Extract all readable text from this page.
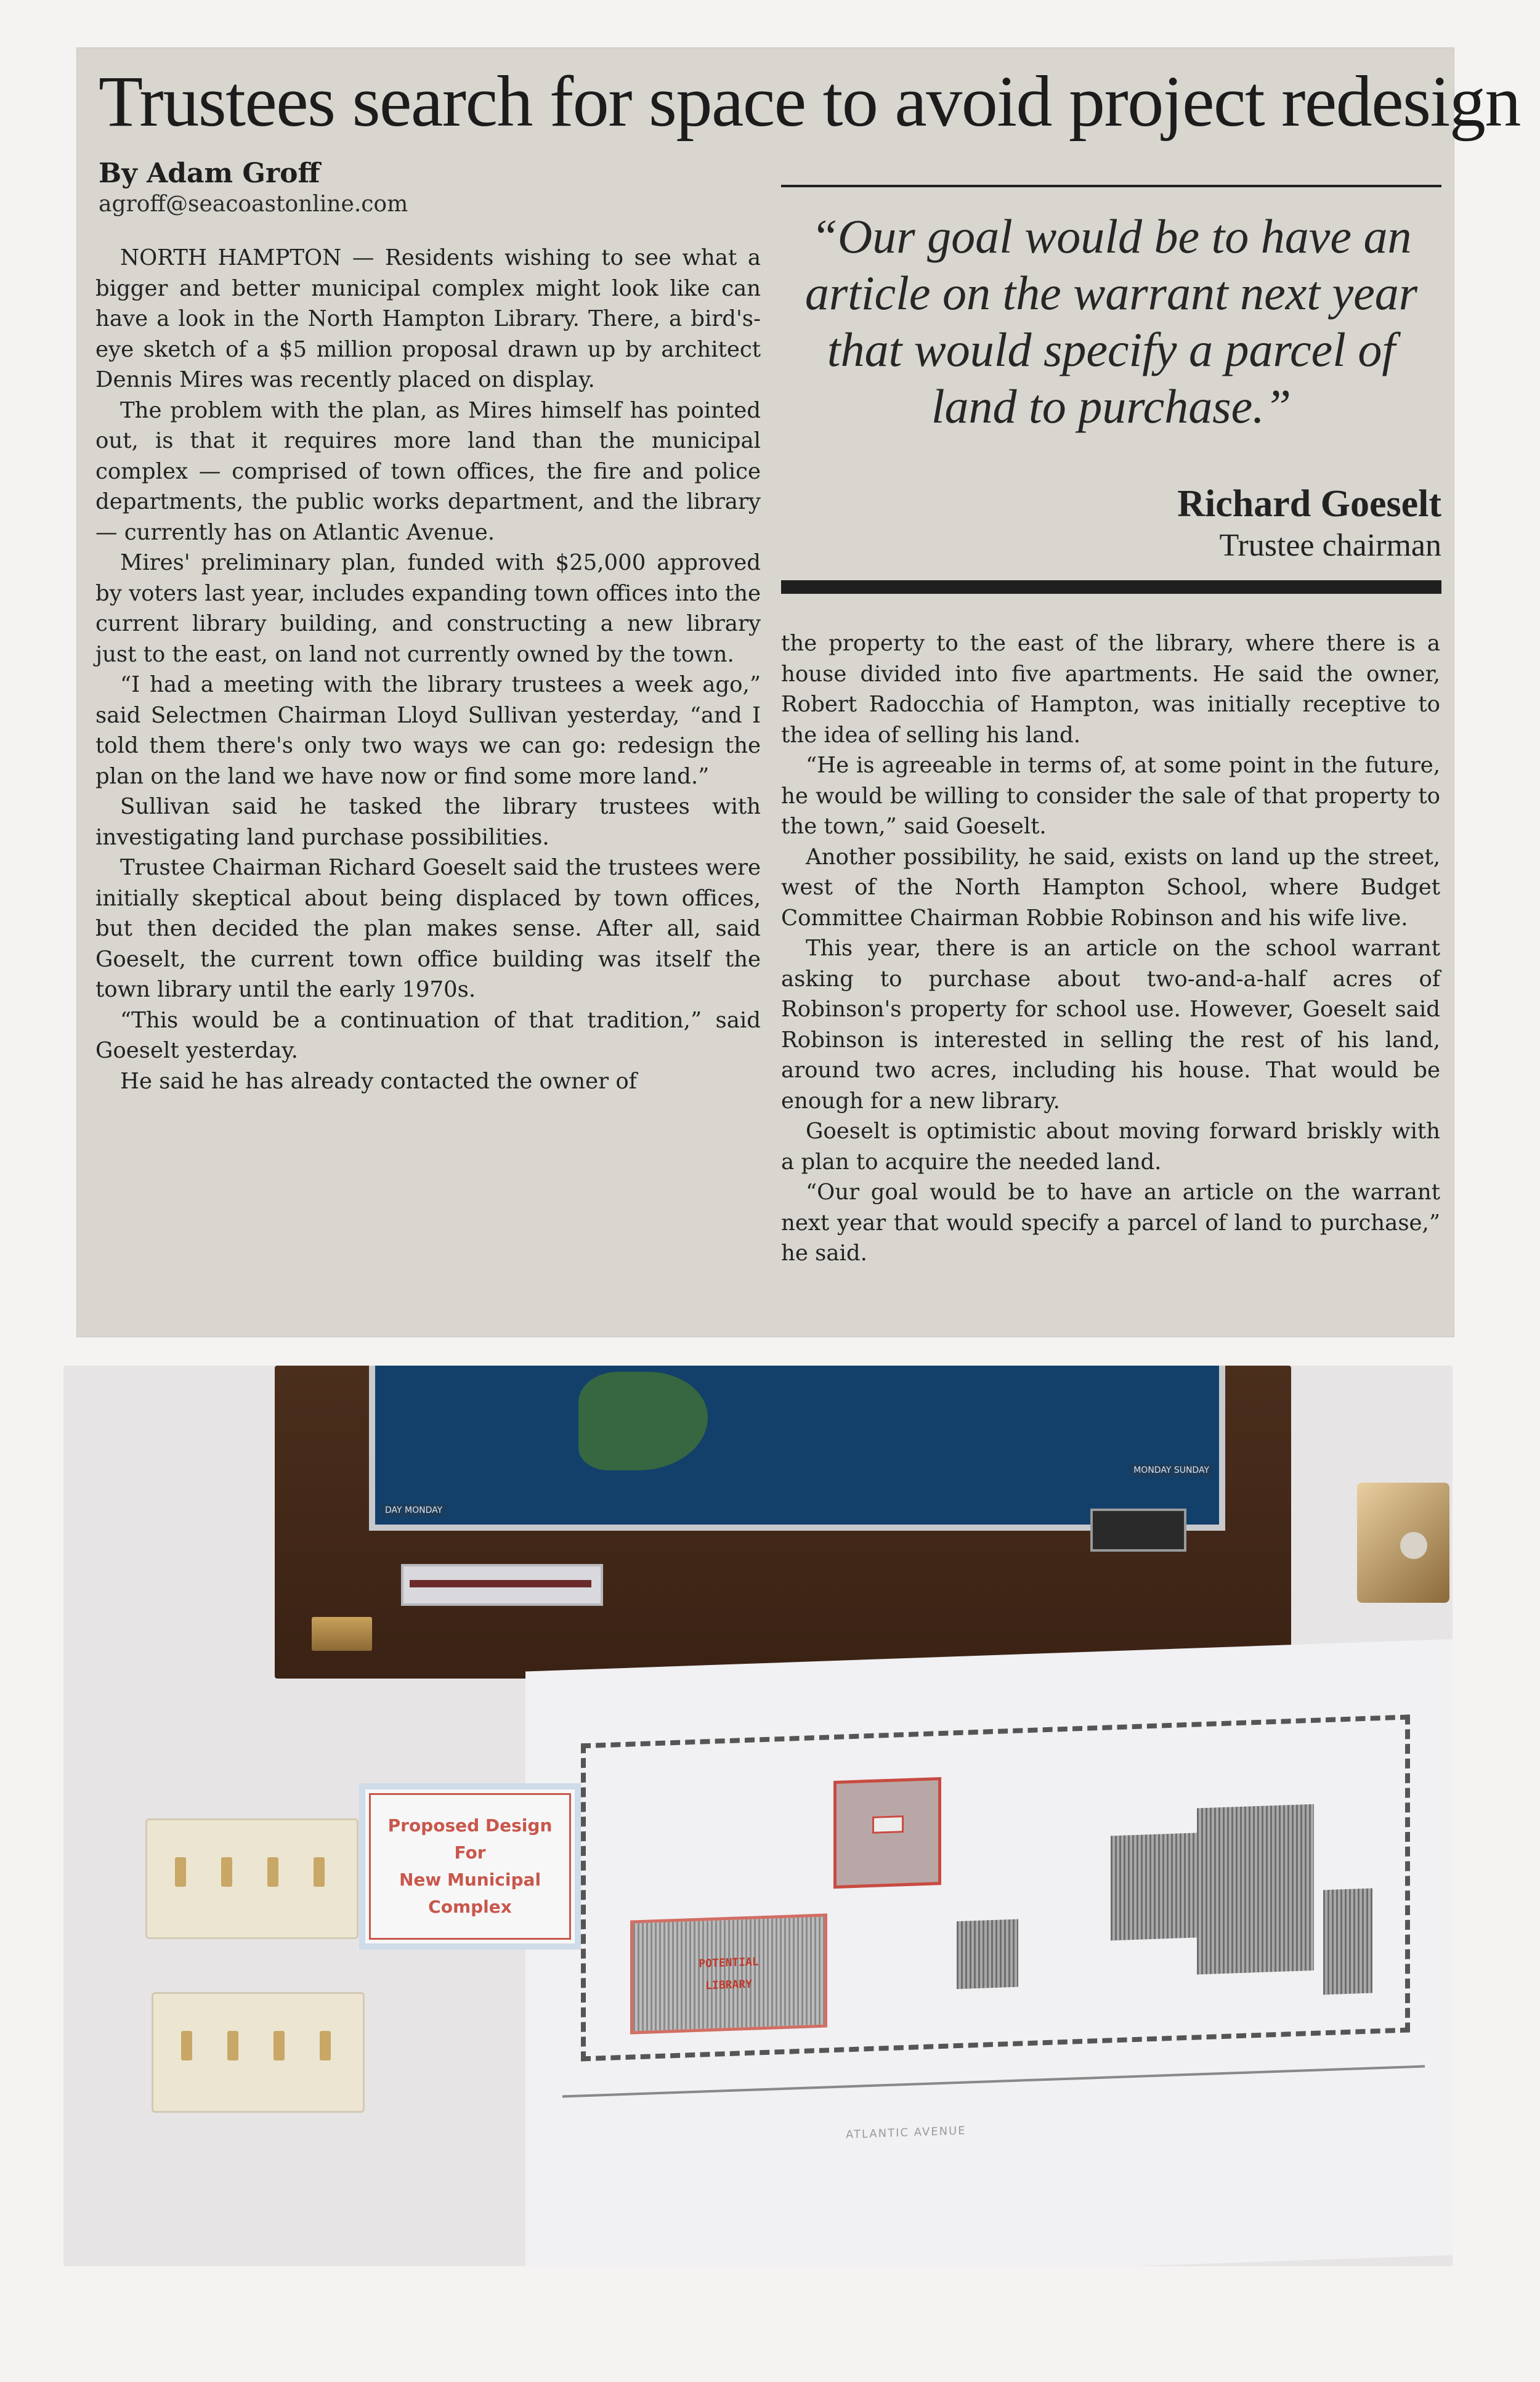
Trustees search for space to avoid project redesign
By Adam Groff
agroff@seacoastonline.com

NORTH HAMPTON — Residents wishing to see what a bigger and better municipal complex might look like can have a look in the North Hampton Library. There, a bird's-eye sketch of a $5 million proposal drawn up by architect Dennis Mires was recently placed on display.

The problem with the plan, as Mires himself has pointed out, is that it requires more land than the municipal complex — comprised of town offices, the fire and police departments, the public works department, and the library — currently has on Atlantic Avenue.

Mires' preliminary plan, funded with $25,000 approved by voters last year, includes expanding town offices into the current library building, and constructing a new library just to the east, on land not currently owned by the town.

“I had a meeting with the library trustees a week ago,” said Selectmen Chairman Lloyd Sullivan yesterday, “and I told them there's only two ways we can go: redesign the plan on the land we have now or find some more land.”

Sullivan said he tasked the library trustees with investigating land purchase possibilities.

Trustee Chairman Richard Goeselt said the trustees were initially skeptical about being displaced by town offices, but then decided the plan makes sense. After all, said Goeselt, the current town office building was itself the town library until the early 1970s.

“This would be a continuation of that tradition,” said Goeselt yesterday.

He said he has already contacted the owner of

“Our goal would be to have an article on the warrant next year that would specify a parcel of land to purchase.”
Richard Goeselt
Trustee chairman

the property to the east of the library, where there is a house divided into five apartments. He said the owner, Robert Radocchia of Hampton, was initially receptive to the idea of selling his land.

“He is agreeable in terms of, at some point in the future, he would be willing to consider the sale of that property to the town,” said Goeselt.

Another possibility, he said, exists on land up the street, west of the North Hampton School, where Budget Committee Chairman Robbie Robinson and his wife live.

This year, there is an article on the school warrant asking to purchase about two-and-a-half acres of Robinson's property for school use. However, Goeselt said Robinson is interested in selling the rest of his land, around two acres, including his house. That would be enough for a new library.

Goeselt is optimistic about moving forward briskly with a plan to acquire the needed land.

“Our goal would be to have an article on the warrant next year that would specify a parcel of land to purchase,” he said.

DAY MONDAY
MONDAY SUNDAY
POTENTIAL
LIBRARY
ATLANTIC AVENUE
Proposed Design
For
New Municipal
Complex
